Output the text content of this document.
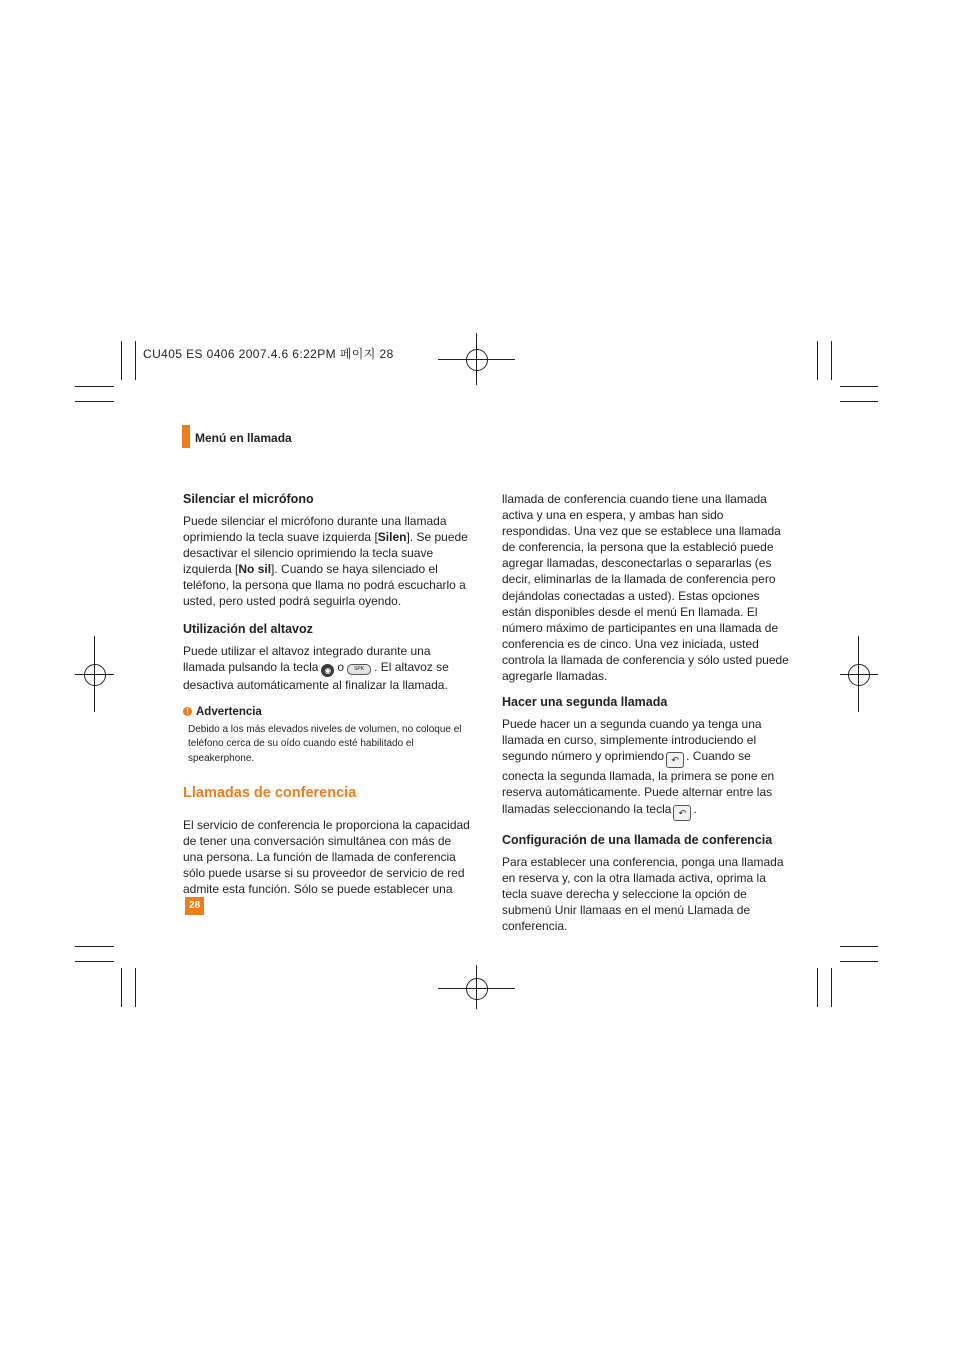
CU405 ES 0406 2007.4.6 6:22PM 페이지 28
Menú en llamada
Silenciar el micrófono

Puede silenciar el micrófono durante una llamada oprimiendo la tecla suave izquierda [Silen]. Se puede desactivar el silencio oprimiendo la tecla suave izquierda [No sil]. Cuando se haya silenciado el teléfono, la persona que llama no podrá escucharlo a usted, pero usted podrá seguirla oyendo.

Utilización del altavoz

Puede utilizar el altavoz integrado durante una llamada pulsando la tecla ◉ o SPK . El altavoz se desactiva automáticamente al finalizar la llamada.

! Advertencia
Debido a los más elevados niveles de volumen, no coloque el teléfono cerca de su oído cuando esté habilitado el speakerphone.
Llamadas de conferencia

El servicio de conferencia le proporciona la capacidad de tener una conversación simultánea con más de una persona. La función de llamada de conferencia sólo puede usarse si su proveedor de servicio de red admite esta función. Sólo se puede establecer una

llamada de conferencia cuando tiene una llamada activa y una en espera, y ambas han sido respondidas. Una vez que se establece una llamada de conferencia, la persona que la estableció puede agregar llamadas, desconectarlas o separarlas (es decir, eliminarlas de la llamada de conferencia pero dejándolas conectadas a usted). Estas opciones están disponibles desde el menú En llamada. El número máximo de participantes en una llamada de conferencia es de cinco. Una vez iniciada, usted controla la llamada de conferencia y sólo usted puede agregarle llamadas.

Hacer una segunda llamada

Puede hacer un a segunda cuando ya tenga una llamada en curso, simplemente introduciendo el segundo número y oprimiendo ↶ . Cuando se conecta la segunda llamada, la primera se pone en reserva automáticamente. Puede alternar entre las llamadas seleccionando la tecla ↶ .

Configuración de una llamada de conferencia

Para establecer una conferencia, ponga una llamada en reserva y, con la otra llamada activa, oprima la tecla suave derecha y seleccione la opción de submenú Unir llamaas en el menú Llamada de conferencia.

28
